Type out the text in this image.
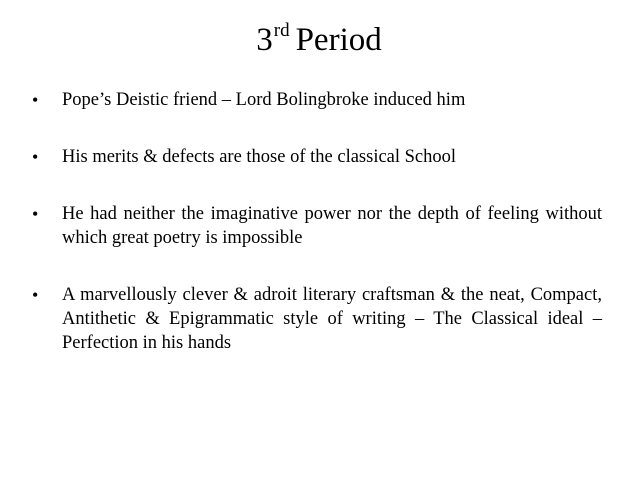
3rd Period
• Pope’s Deistic friend – Lord Bolingbroke induced him
• His merits & defects are those of the classical School
• He had neither the imaginative power nor the depth of feeling without which great poetry is impossible
• A marvellously clever & adroit literary craftsman & the neat, Compact, Antithetic & Epigrammatic style of writing – The Classical ideal – Perfection in his hands
